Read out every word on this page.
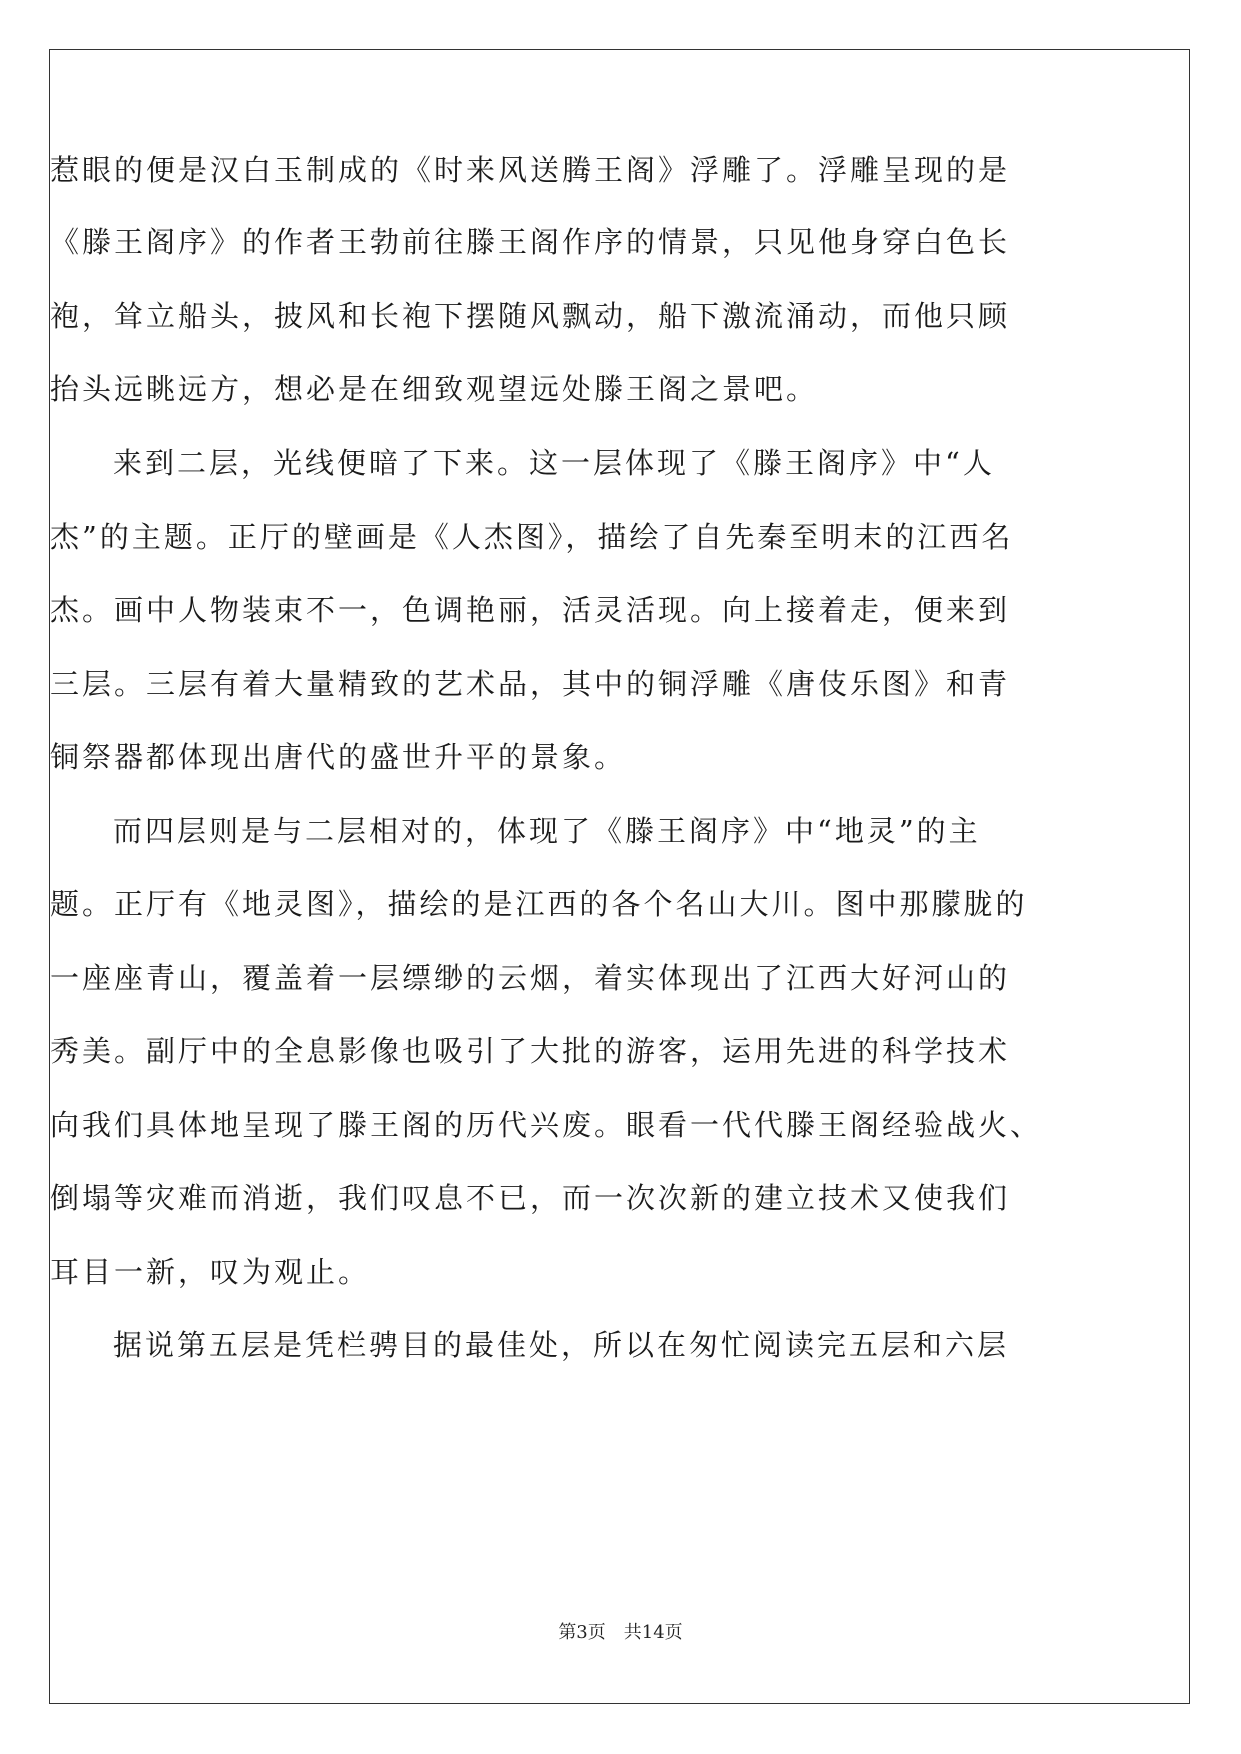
惹眼的便是汉白玉制成的《时来风送腾王阁》浮雕了。浮雕呈现的是
《滕王阁序》的作者王勃前往滕王阁作序的情景，只见他身穿白色长
袍，耸立船头，披风和长袍下摆随风飘动，船下激流涌动，而他只顾
抬头远眺远方，想必是在细致观望远处滕王阁之景吧。
来到二层，光线便暗了下来。这一层体现了《滕王阁序》中“人
杰”的主题。正厅的壁画是《人杰图》，描绘了自先秦至明末的江西名
杰。画中人物装束不一，色调艳丽，活灵活现。向上接着走，便来到
三层。三层有着大量精致的艺术品，其中的铜浮雕《唐伎乐图》和青
铜祭器都体现出唐代的盛世升平的景象。
而四层则是与二层相对的，体现了《滕王阁序》中“地灵”的主
题。正厅有《地灵图》，描绘的是江西的各个名山大川。图中那朦胧的
一座座青山，覆盖着一层缥缈的云烟，着实体现出了江西大好河山的
秀美。副厅中的全息影像也吸引了大批的游客，运用先进的科学技术
向我们具体地呈现了滕王阁的历代兴废。眼看一代代滕王阁经验战火、
倒塌等灾难而消逝，我们叹息不已，而一次次新的建立技术又使我们
耳目一新，叹为观止。
据说第五层是凭栏骋目的最佳处，所以在匆忙阅读完五层和六层
第3页　共14页
